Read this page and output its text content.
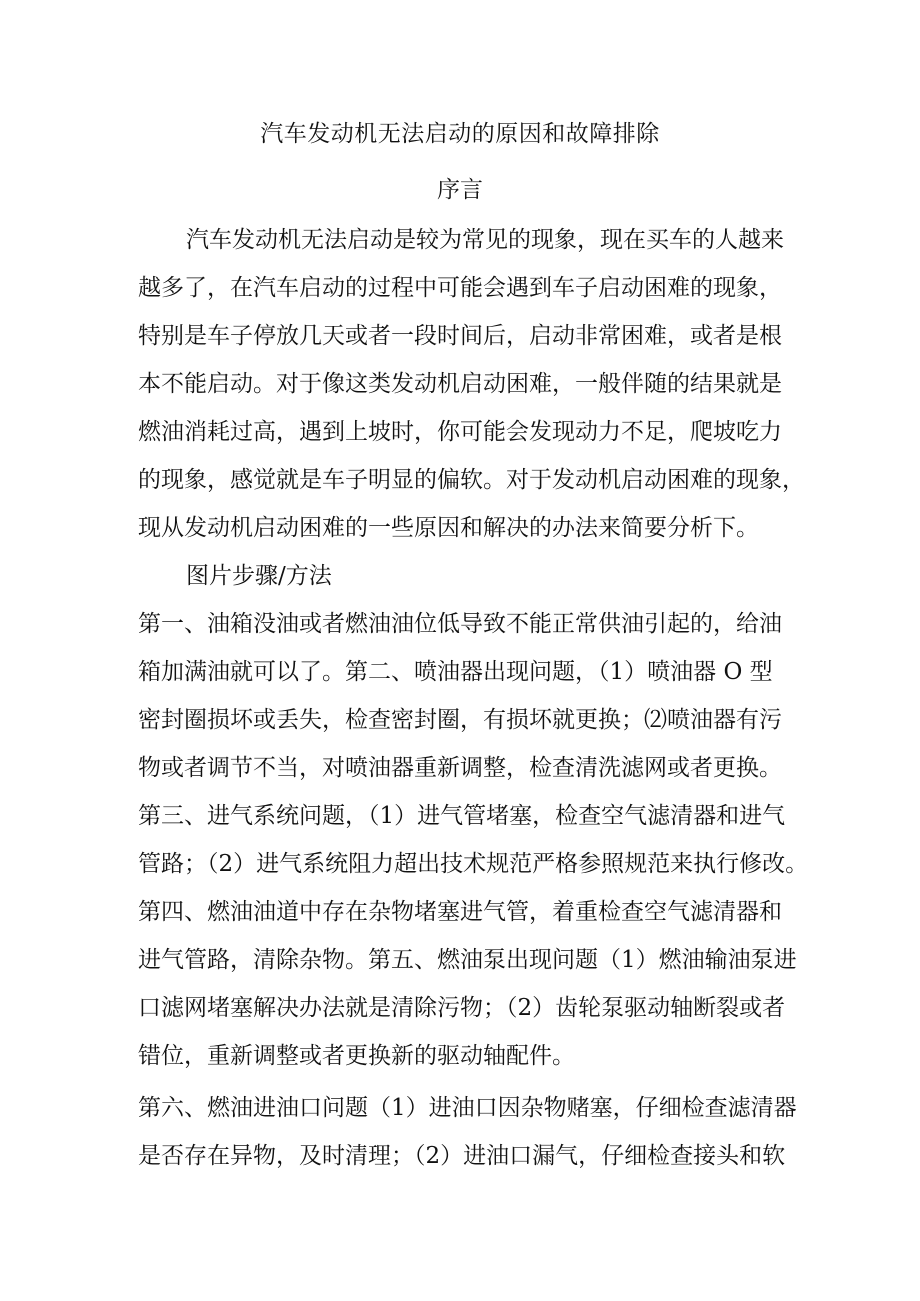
汽车发动机无法启动的原因和故障排除
序言
汽车发动机无法启动是较为常见的现象，现在买车的人越来
越多了，在汽车启动的过程中可能会遇到车子启动困难的现象，
特别是车子停放几天或者一段时间后，启动非常困难，或者是根
本不能启动。对于像这类发动机启动困难，一般伴随的结果就是
燃油消耗过高，遇到上坡时，你可能会发现动力不足，爬坡吃力
的现象，感觉就是车子明显的偏软。对于发动机启动困难的现象，
现从发动机启动困难的一些原因和解决的办法来简要分析下。
图片步骤/方法
第一、油箱没油或者燃油油位低导致不能正常供油引起的，给油
箱加满油就可以了。第二、喷油器出现问题，（1）喷油器 O 型
密封圈损坏或丢失，检查密封圈，有损坏就更换；⑵喷油器有污
物或者调节不当，对喷油器重新调整，检查清洗滤网或者更换。
第三、进气系统问题，（1）进气管堵塞，检查空气滤清器和进气
管路；（2）进气系统阻力超出技术规范严格参照规范来执行修改。
第四、燃油油道中存在杂物堵塞进气管，着重检查空气滤清器和
进气管路，清除杂物。第五、燃油泵出现问题（1）燃油输油泵进
口滤网堵塞解决办法就是清除污物；（2）齿轮泵驱动轴断裂或者
错位，重新调整或者更换新的驱动轴配件。
第六、燃油进油口问题（1）进油口因杂物赌塞，仔细检查滤清器
是否存在异物，及时清理；（2）进油口漏气，仔细检查接头和软
